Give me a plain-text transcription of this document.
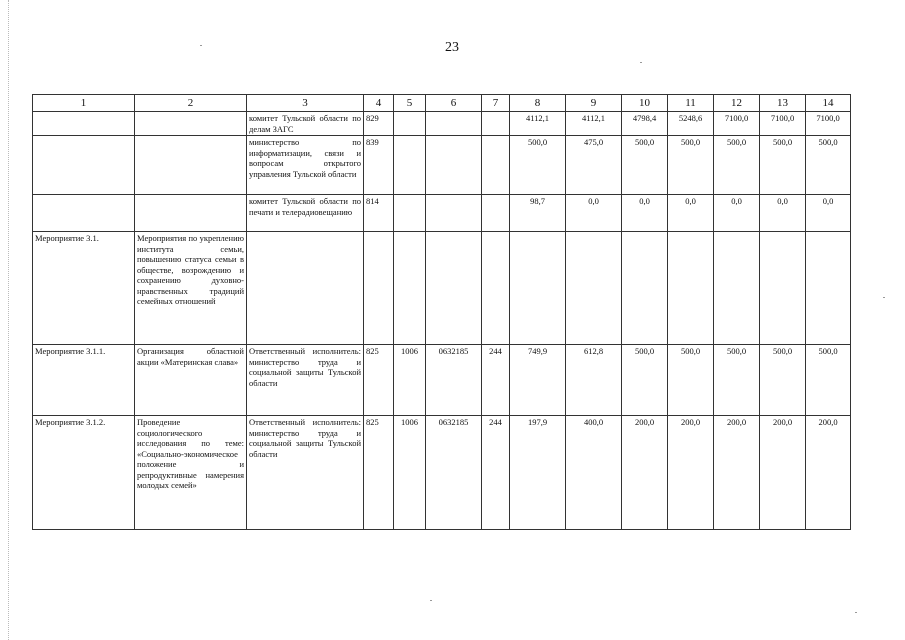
23
1	2	3	4	5	6	7	8	9	10	11	12	13	14
		комитет Тульской области по делам ЗАГС	829				4112,1	4112,1	4798,4	5248,6	7100,0	7100,0	7100,0
		министерство по информатизации, связи и вопросам открытого управления Тульской области	839				500,0	475,0	500,0	500,0	500,0	500,0	500,0
		комитет Тульской области по печати и телерадиовещанию	814				98,7	0,0	0,0	0,0	0,0	0,0	0,0
Мероприятие 3.1.	Мероприятия по укреплению института семьи, повышению статуса семьи в обществе, возрождению и сохранению духовно-нравственных традиций семейных отношений												
Мероприятие 3.1.1.	Организация областной акции «Материнская слава»	Ответственный исполнитель: министерство труда и социальной защиты Тульской области	825	1006	0632185	244	749,9	612,8	500,0	500,0	500,0	500,0	500,0
Мероприятие 3.1.2.	Проведение социологического исследования по теме: «Социально-экономическое положение и репродуктивные намерения молодых семей»	Ответственный исполнитель: министерство труда и социальной защиты Тульской области	825	1006	0632185	244	197,9	400,0	200,0	200,0	200,0	200,0	200,0
